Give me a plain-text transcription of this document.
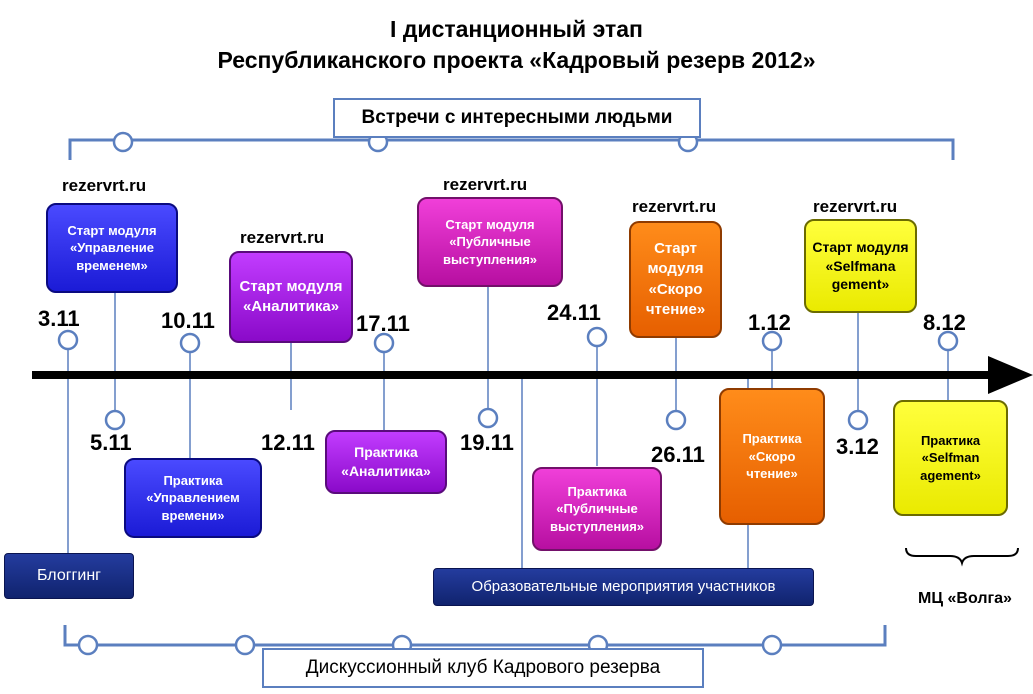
I дистанционный этап
Республиканского проекта «Кадровый резерв 2012»
Встречи с интересными людьми
Дискуссионный клуб Кадрового резерва
rezervrt.ru
rezervrt.ru
rezervrt.ru
rezervrt.ru	rezervrt.ru
Старт модуля «Управление временем»
Старт модуля «Аналитика»
Старт модуля «Публичные выступления»
Старт модуля «Скоро чтение»
Старт модуля «Selfmana gement»
Практика «Управлением времени»
Практика «Аналитика»
Практика «Публичные выступления»
Практика «Скоро чтение»
Практика «Selfman agement»
Блоггинг
Образовательные мероприятия участников
3.11
5.11
10.11
12.11
17.11
19.11
24.11
26.11
1.12
3.12
8.12
МЦ «Волга»
